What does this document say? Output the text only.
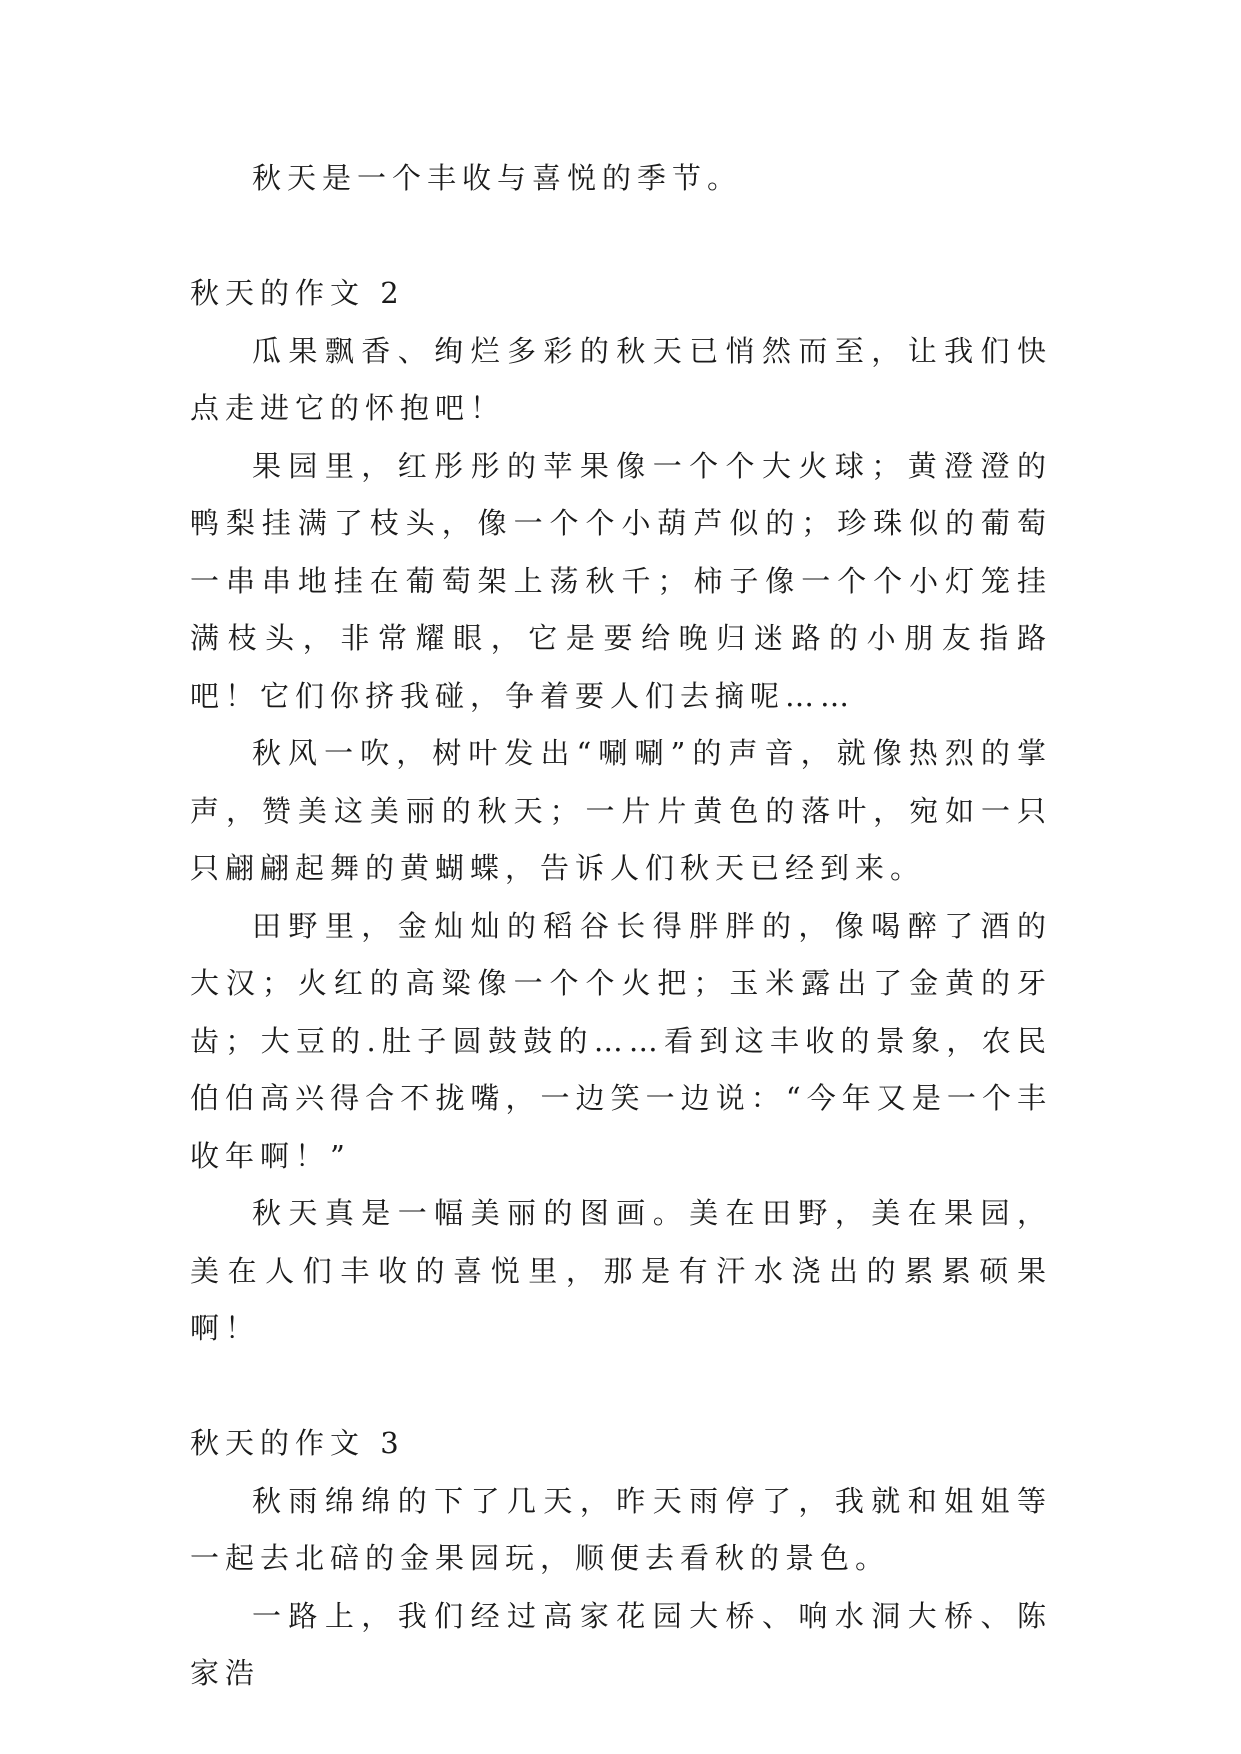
秋天是一个丰收与喜悦的季节。

秋天的作文 2

瓜果飘香、绚烂多彩的秋天已悄然而至，让我们快点走进它的怀抱吧！

果园里，红彤彤的苹果像一个个大火球；黄澄澄的鸭梨挂满了枝头，像一个个小葫芦似的；珍珠似的葡萄一串串地挂在葡萄架上荡秋千；柿子像一个个小灯笼挂满枝头，非常耀眼，它是要给晚归迷路的小朋友指路吧！它们你挤我碰，争着要人们去摘呢……

秋风一吹，树叶发出“唰唰”的声音，就像热烈的掌声，赞美这美丽的秋天；一片片黄色的落叶，宛如一只只翩翩起舞的黄蝴蝶，告诉人们秋天已经到来。

田野里，金灿灿的稻谷长得胖胖的，像喝醉了酒的大汉；火红的高粱像一个个火把；玉米露出了金黄的牙齿；大豆的.肚子圆鼓鼓的……看到这丰收的景象，农民伯伯高兴得合不拢嘴，一边笑一边说：“今年又是一个丰收年啊！”

秋天真是一幅美丽的图画。美在田野，美在果园，美在人们丰收的喜悦里，那是有汗水浇出的累累硕果啊！

秋天的作文 3

秋雨绵绵的下了几天，昨天雨停了，我就和姐姐等一起去北碚的金果园玩，顺便去看秋的景色。

一路上，我们经过高家花园大桥、响水洞大桥、陈家浩
